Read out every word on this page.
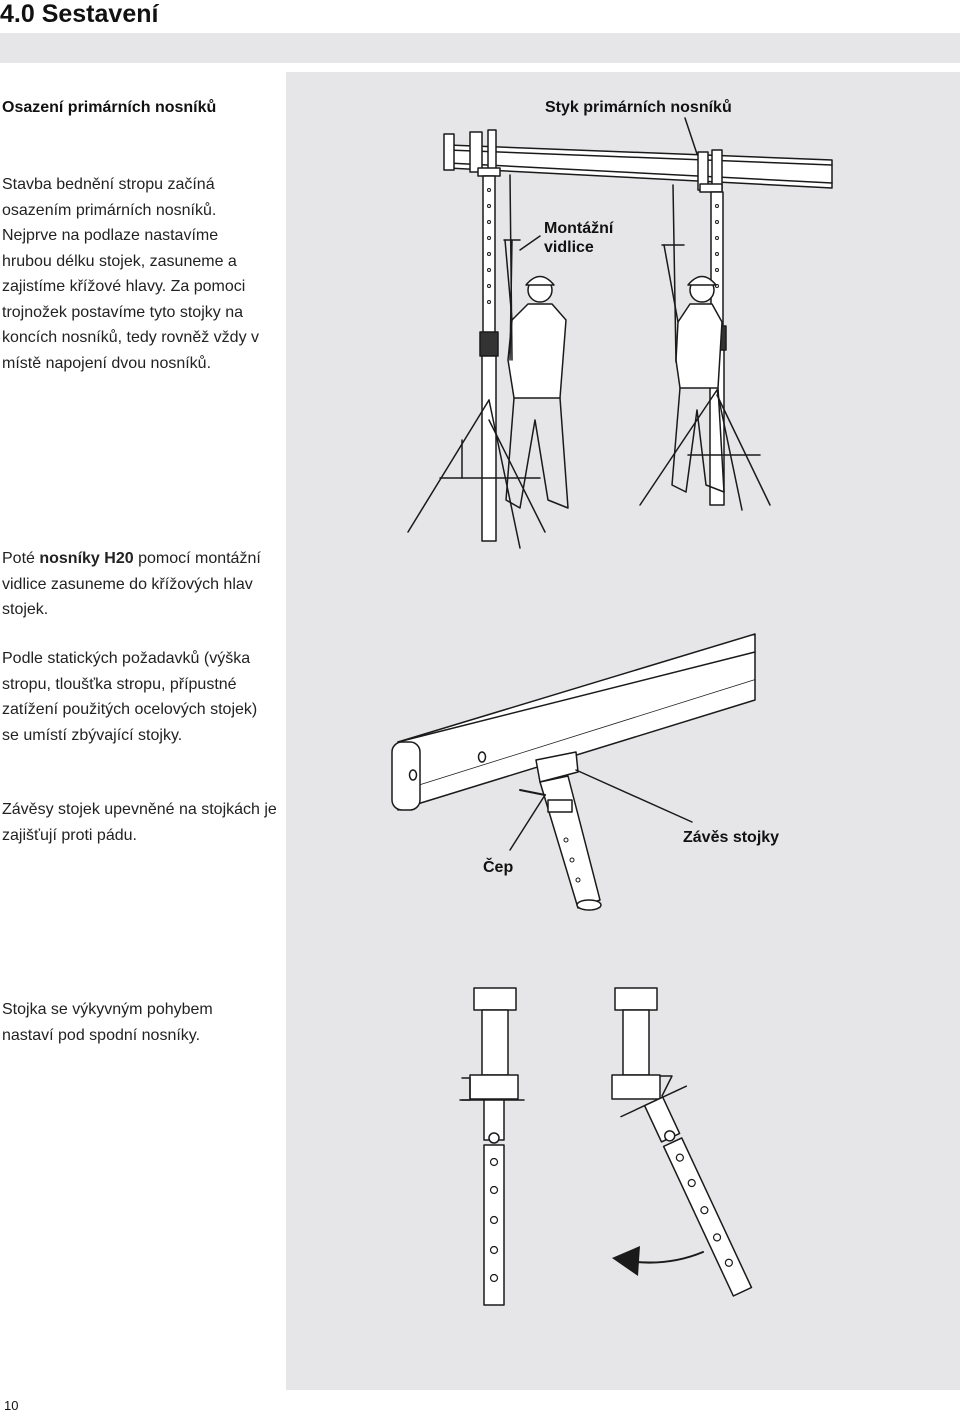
4.0 Sestavení
Osazení primárních nosníků	Styk primárních nosníků

Stavba bednění stropu začíná osazením primárních nosníků. Nejprve na podlaze nastavíme hrubou délku stojek, zasuneme a zajistíme křížové hlavy. Za pomoci trojnožek postavíme tyto stojky na koncích nosníků, tedy rovněž vždy v místě napojení dvou nosníků.

Poté nosníky H20 pomocí montážní vidlice zasuneme do křížových hlav stojek.

Podle statických požadavků (výška stropu, tloušťka stropu, přípustné zatížení použitých ocelových stojek) se umístí zbývající stojky.

Závěsy stojek upevněné na stojkách je zajišťují proti pádu.

Stojka se výkyvným pohybem nastaví pod spodní nosníky.

Montážní vidlice
Čep
Závěs stojky
10
